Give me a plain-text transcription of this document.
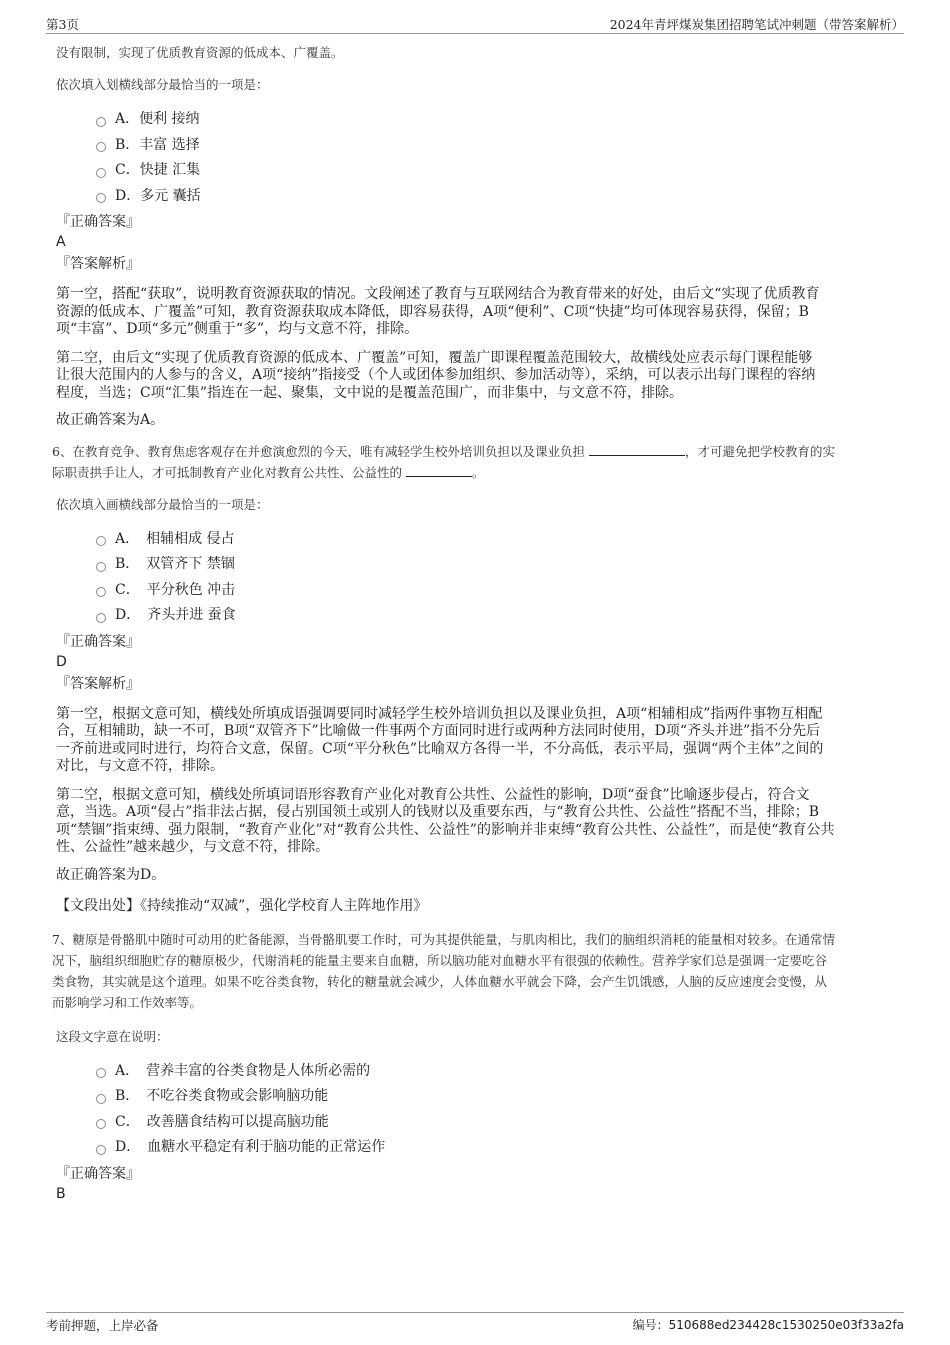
第3页	2024年青坪煤炭集团招聘笔试冲刺题（带答案解析）

没有限制，实现了优质教育资源的低成本、广覆盖。

依次填入划横线部分最恰当的一项是：

A．便利 接纳
B．丰富 选择
C．快捷 汇集
D．多元 囊括

『正确答案』

A

『答案解析』

第一空，搭配“获取”，说明教育资源获取的情况。文段阐述了教育与互联网结合为教育带来的好处，由后文“实现了优质教育

资源的低成本、广覆盖”可知，教育资源获取成本降低，即容易获得，A项“便利”、C项“快捷”均可体现容易获得，保留；B

项“丰富”、D项“多元”侧重于“多”，均与文意不符，排除。

第二空，由后文“实现了优质教育资源的低成本、广覆盖”可知，覆盖广即课程覆盖范围较大，故横线处应表示每门课程能够

让很大范围内的人参与的含义，A项“接纳”指接受（个人或团体参加组织、参加活动等），采纳，可以表示出每门课程的容纳

程度，当选；C项“汇集”指连在一起、聚集，文中说的是覆盖范围广，而非集中，与文意不符，排除。

故正确答案为A。

6、在教育竞争、教育焦虑客观存在并愈演愈烈的今天，唯有减轻学生校外培训负担以及课业负担	，才可避免把学校教育的实

际职责拱手让人，才可抵制教育产业化对教育公共性、公益性的	。

依次填入画横线部分最恰当的一项是：

A．　相辅相成 侵占
B．　双管齐下 禁锢
C．　平分秋色 冲击
D．　齐头并进 蚕食

『正确答案』

D

『答案解析』

第一空，根据文意可知，横线处所填成语强调要同时减轻学生校外培训负担以及课业负担，A项“相辅相成”指两件事物互相配

合，互相辅助，缺一不可，B项“双管齐下”比喻做一件事两个方面同时进行或两种方法同时使用，D项“齐头并进”指不分先后

一齐前进或同时进行，均符合文意，保留。C项“平分秋色”比喻双方各得一半，不分高低，表示平局，强调“两个主体”之间的

对比，与文意不符，排除。

第二空，根据文意可知，横线处所填词语形容教育产业化对教育公共性、公益性的影响，D项“蚕食”比喻逐步侵占，符合文

意，当选。A项“侵占”指非法占据，侵占别国领土或别人的钱财以及重要东西，与“教育公共性、公益性”搭配不当，排除；B

项“禁锢”指束缚、强力限制，“教育产业化”对“教育公共性、公益性”的影响并非束缚“教育公共性、公益性”，而是使“教育公共

性、公益性”越来越少，与文意不符，排除。

故正确答案为D。

【文段出处】《持续推动“双减”，强化学校育人主阵地作用》

7、糖原是骨骼肌中随时可动用的贮备能源，当骨骼肌要工作时，可为其提供能量，与肌肉相比，我们的脑组织消耗的能量相对较多。在通常情

况下，脑组织细胞贮存的糖原极少，代谢消耗的能量主要来自血糖，所以脑功能对血糖水平有很强的依赖性。营养学家们总是强调一定要吃谷

类食物，其实就是这个道理。如果不吃谷类食物，转化的糖量就会减少，人体血糖水平就会下降，会产生饥饿感，人脑的反应速度会变慢，从

而影响学习和工作效率等。

这段文字意在说明：

A．　营养丰富的谷类食物是人体所必需的
B．　不吃谷类食物或会影响脑功能
C．　改善膳食结构可以提高脑功能
D．　血糖水平稳定有利于脑功能的正常运作

『正确答案』

B

考前押题，上岸必备	编号：510688ed234428c1530250e03f33a2fa
